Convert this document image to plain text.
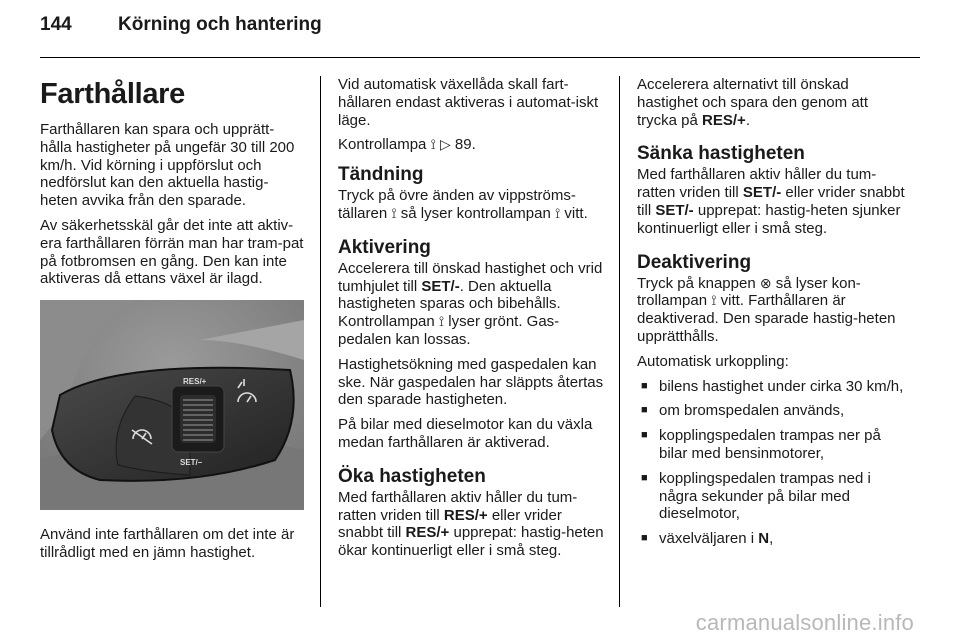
144 Körning och hantering
Farthållare

Farthållaren kan spara och upprätt-hålla hastigheter på ungefär 30 till 200 km/h. Vid körning i uppförslut och nedförslut kan den aktuella hastig-heten avvika från den sparade.

Av säkerhetsskäl går det inte att aktiv-era farthållaren förrän man har tram-pat på fotbromsen en gång. Den kan inte aktiveras då ettans växel är ilagd.

RES/+
SET/–

Använd inte farthållaren om det inte är tillrådligt med en jämn hastighet.

Vid automatisk växellåda skall fart-hållaren endast aktiveras i automat-iskt läge.

Kontrollampa ⟟ ▷ 89.

Tändning

Tryck på övre änden av vippströms-tällaren ⟟ så lyser kontrollampan ⟟ vitt.

Aktivering

Accelerera till önskad hastighet och vrid tumhjulet till SET/-. Den aktuella hastigheten sparas och bibehålls. Kontrollampan ⟟ lyser grönt. Gas-pedalen kan lossas.

Hastighetsökning med gaspedalen kan ske. När gaspedalen har släppts återtas den sparade hastigheten.

På bilar med dieselmotor kan du växla medan farthållaren är aktiverad.

Öka hastigheten

Med farthållaren aktiv håller du tum-ratten vriden till RES/+ eller vrider snabbt till RES/+ upprepat: hastig-heten ökar kontinuerligt eller i små steg.

Accelerera alternativt till önskad hastighet och spara den genom att trycka på RES/+.

Sänka hastigheten

Med farthållaren aktiv håller du tum-ratten vriden till SET/- eller vrider snabbt till SET/- upprepat: hastig-heten sjunker kontinuerligt eller i små steg.

Deaktivering

Tryck på knappen ⊗ så lyser kon-trollampan ⟟ vitt. Farthållaren är deaktiverad. Den sparade hastig-heten upprätthålls.

Automatisk urkoppling:

■ bilens hastighet under cirka 30 km/h,
■ om bromspedalen används,
■ kopplingspedalen trampas ner på bilar med bensinmotorer,
■ kopplingspedalen trampas ned i några sekunder på bilar med dieselmotor,
■ växelväljaren i N,
carmanualsonline.info
